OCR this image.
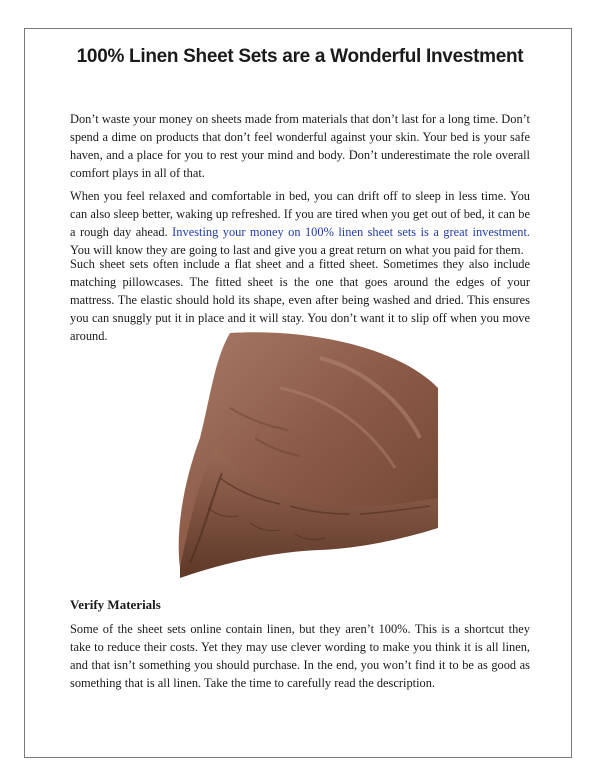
100% Linen Sheet Sets are a Wonderful Investment

Don’t waste your money on sheets made from materials that don’t last for a long time. Don’t spend a dime on products that don’t feel wonderful against your skin. Your bed is your safe haven, and a place for you to rest your mind and body. Don’t underestimate the role overall comfort plays in all of that.

When you feel relaxed and comfortable in bed, you can drift off to sleep in less time. You can also sleep better, waking up refreshed. If you are tired when you get out of bed, it can be a rough day ahead. Investing your money on 100% linen sheet sets is a great investment. You will know they are going to last and give you a great return on what you paid for them.

Such sheet sets often include a flat sheet and a fitted sheet. Sometimes they also include matching pillowcases. The fitted sheet is the one that goes around the edges of your mattress. The elastic should hold its shape, even after being washed and dried. This ensures you can snuggly put it in place and it will stay. You don’t want it to slip off when you move around.

Verify Materials

Some of the sheet sets online contain linen, but they aren’t 100%. This is a shortcut they take to reduce their costs. Yet they may use clever wording to make you think it is all linen, and that isn’t something you should purchase. In the end, you won’t find it to be as good as something that is all linen. Take the time to carefully read the description.
